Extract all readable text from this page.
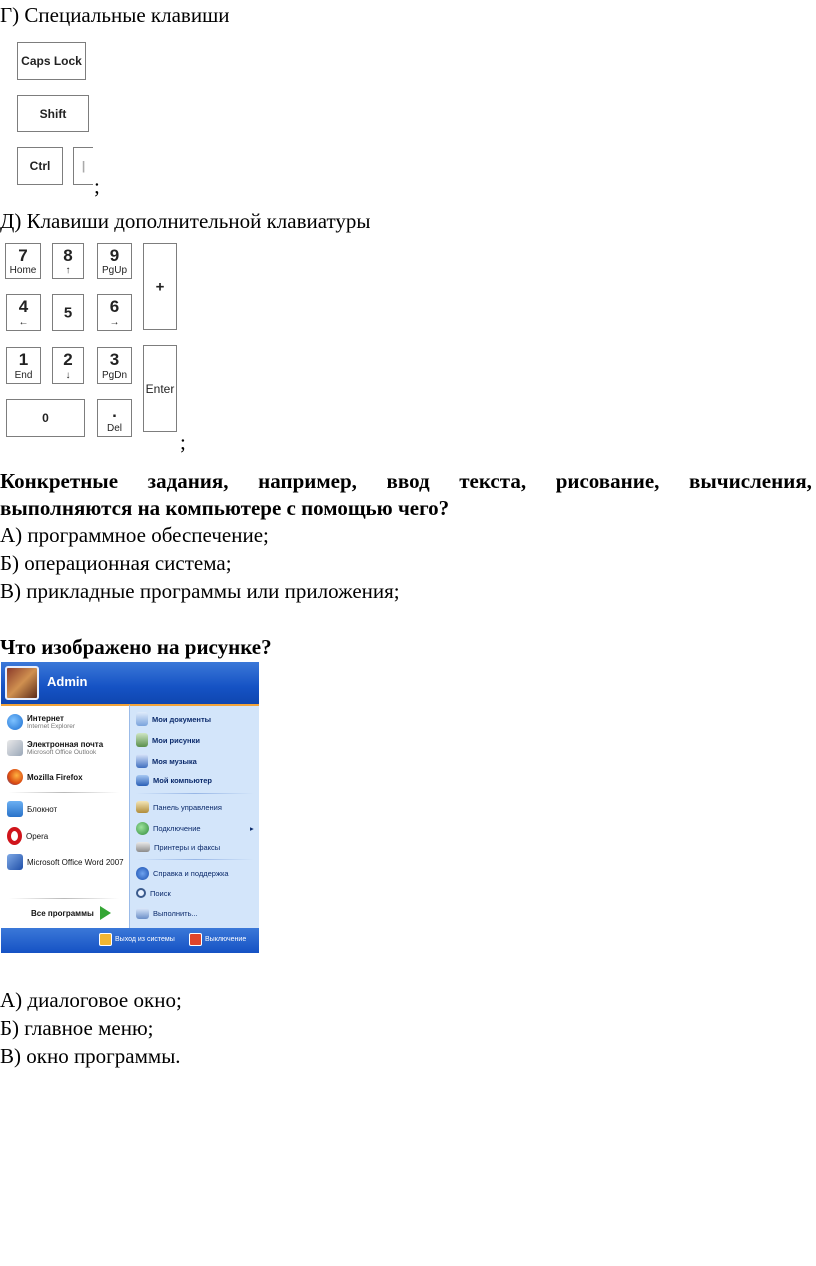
Г) Специальные клавиши
Caps Lock
Shift
Ctrl	|
;
Д) Клавиши дополнительной клавиатуры
7
Home
8
↑
9
PgUp
+
4
←
5	6
→
1
End
2
↓
3
PgDn
Enter
0	.
Del
;
Конкретные задания, например, ввод текста, рисование, вычисления,
выполняются на компьютере с помощью чего?
А) программное обеспечение;
Б) операционная система;
В) прикладные программы или приложения;
Что изображено на рисунке?
Admin
Интернет
Internet Explorer
Электронная почта
Microsoft Office Outlook
Mozilla Firefox
Блокнот
Opera
Microsoft Office Word 2007
Все программы
Мои документы
Мои рисунки
Моя музыка
Мой компьютер
Панель управления
Подключение	▸
Принтеры и факсы
Справка и поддержка
Поиск
Выполнить...
Выход из системы	Выключение
А) диалоговое окно;
Б) главное меню;
В) окно программы.
